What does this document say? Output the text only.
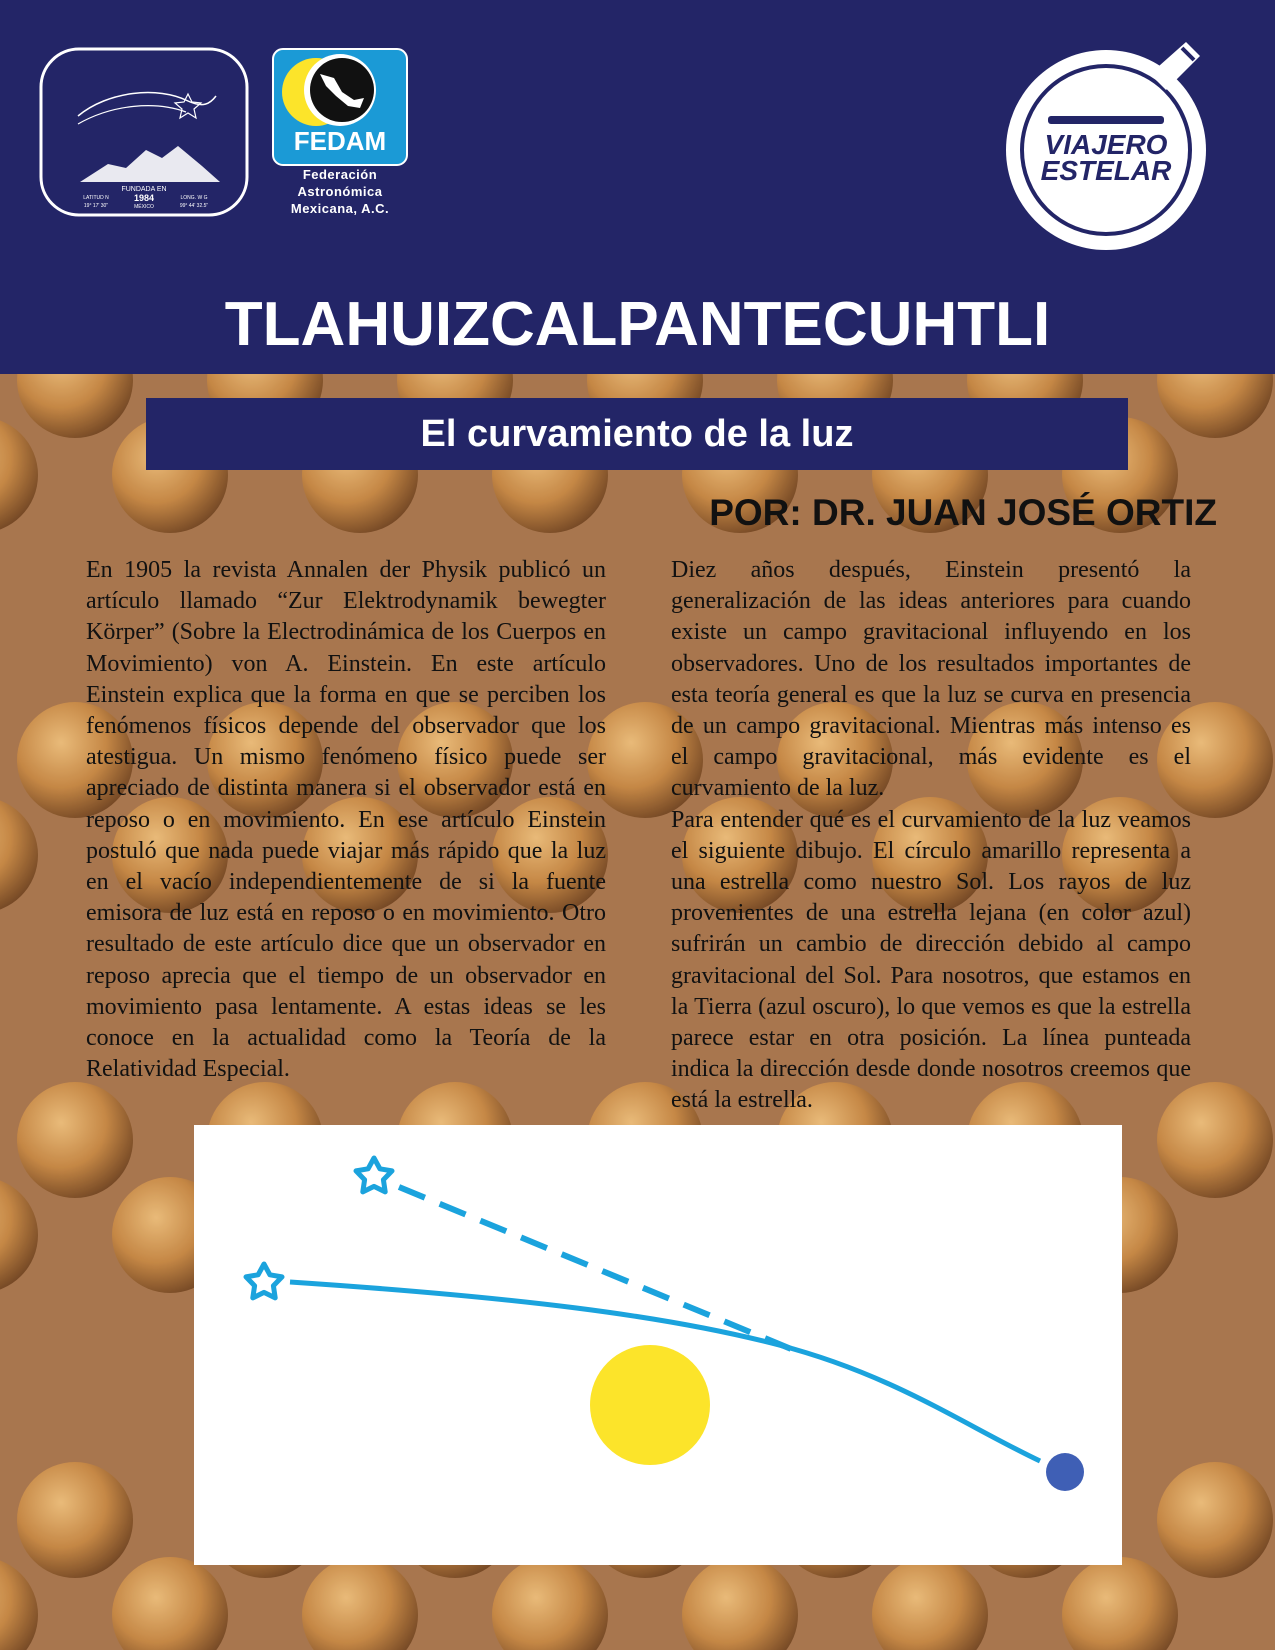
FUNDADA EN
1984
MÉXICO
LATITUD N
19° 17' 30"
LONG. W G
99° 44' 32.5"
FEDAM
Federación
Astronómica
Mexicana, A.C.
VIAJERO
ESTELAR
TLAHUIZCALPANTECUHTLI
El curvamiento de la luz

POR: DR. JUAN JOSÉ ORTIZ

En 1905 la revista Annalen der Physik publicó un artículo llamado “Zur Elektrodynamik bewegter Körper” (Sobre la Electrodinámica de los Cuerpos en Movimiento) von A. Einstein. En este artículo Einstein explica que la forma en que se perciben los fenómenos físicos depende del observador que los atestigua. Un mismo fenómeno físico puede ser apreciado de distinta manera si el observador está en reposo o en movimiento. En ese artículo Einstein postuló que nada puede viajar más rápido que la luz en el vacío independientemente de si la fuente emisora de luz está en reposo o en movimiento. Otro resultado de este artículo dice que un observador en reposo aprecia que el tiempo de un observador en movimiento pasa lentamente. A estas ideas se les conoce en la actualidad como la Teoría de la Relatividad Especial.

Diez años después, Einstein presentó la generalización de las ideas anteriores para cuando existe un campo gravitacional influyendo en los observadores. Uno de los resultados importantes de esta teoría general es que la luz se curva en presencia de un campo gravitacional. Mientras más intenso es el campo gravitacional, más evidente es el curvamiento de la luz.

Para entender qué es el curvamiento de la luz veamos el siguiente dibujo. El círculo amarillo representa a una estrella como nuestro Sol. Los rayos de luz provenientes de una estrella lejana (en color azul) sufrirán un cambio de dirección debido al campo gravitacional del Sol. Para nosotros, que estamos en la Tierra (azul oscuro), lo que vemos es que la estrella parece estar en otra posición. La línea punteada indica la dirección desde donde nosotros creemos que está la estrella.
